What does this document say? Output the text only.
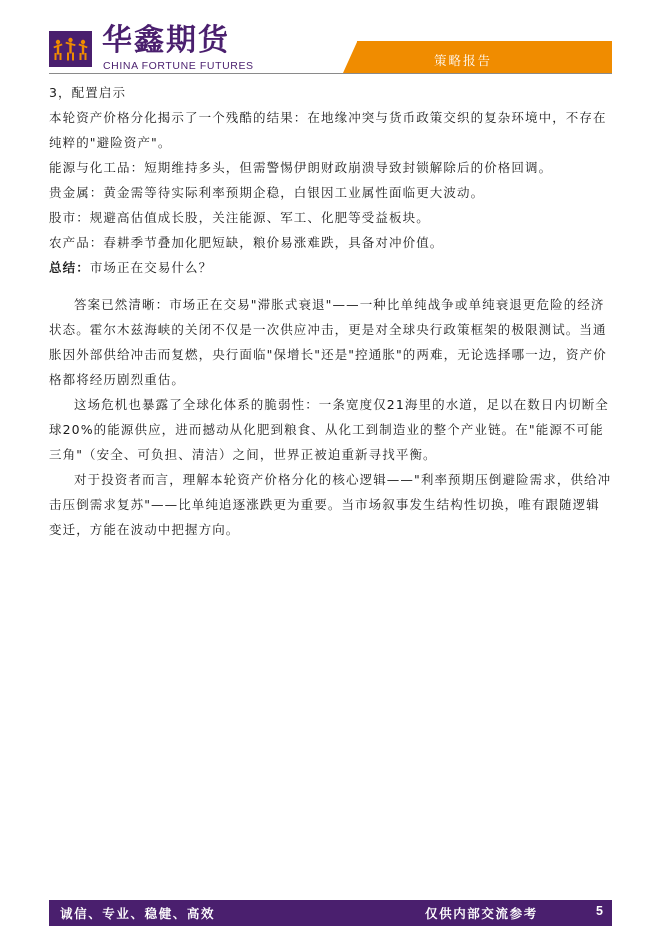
华鑫期货
CHINA FORTUNE FUTURES	策略报告

3，配置启示

本轮资产价格分化揭示了一个残酷的结果：在地缘冲突与货币政策交织的复杂环境中，不存在纯粹的"避险资产"。

能源与化工品：短期维持多头，但需警惕伊朗财政崩溃导致封锁解除后的价格回调。

贵金属：黄金需等待实际利率预期企稳，白银因工业属性面临更大波动。

股市：规避高估值成长股，关注能源、军工、化肥等受益板块。

农产品：春耕季节叠加化肥短缺，粮价易涨难跌，具备对冲价值。

总结：市场正在交易什么？

答案已然清晰：市场正在交易"滞胀式衰退"——一种比单纯战争或单纯衰退更危险的经济状态。霍尔木兹海峡的关闭不仅是一次供应冲击，更是对全球央行政策框架的极限测试。当通胀因外部供给冲击而复燃，央行面临"保增长"还是"控通胀"的两难，无论选择哪一边，资产价格都将经历剧烈重估。

这场危机也暴露了全球化体系的脆弱性：一条宽度仅21海里的水道，足以在数日内切断全球20%的能源供应，进而撼动从化肥到粮食、从化工到制造业的整个产业链。在"能源不可能三角"（安全、可负担、清洁）之间，世界正被迫重新寻找平衡。

对于投资者而言，理解本轮资产价格分化的核心逻辑——"利率预期压倒避险需求，供给冲击压倒需求复苏"——比单纯追逐涨跌更为重要。当市场叙事发生结构性切换，唯有跟随逻辑变迁，方能在波动中把握方向。

诚信、专业、稳健、高效	仅供内部交流参考	5
